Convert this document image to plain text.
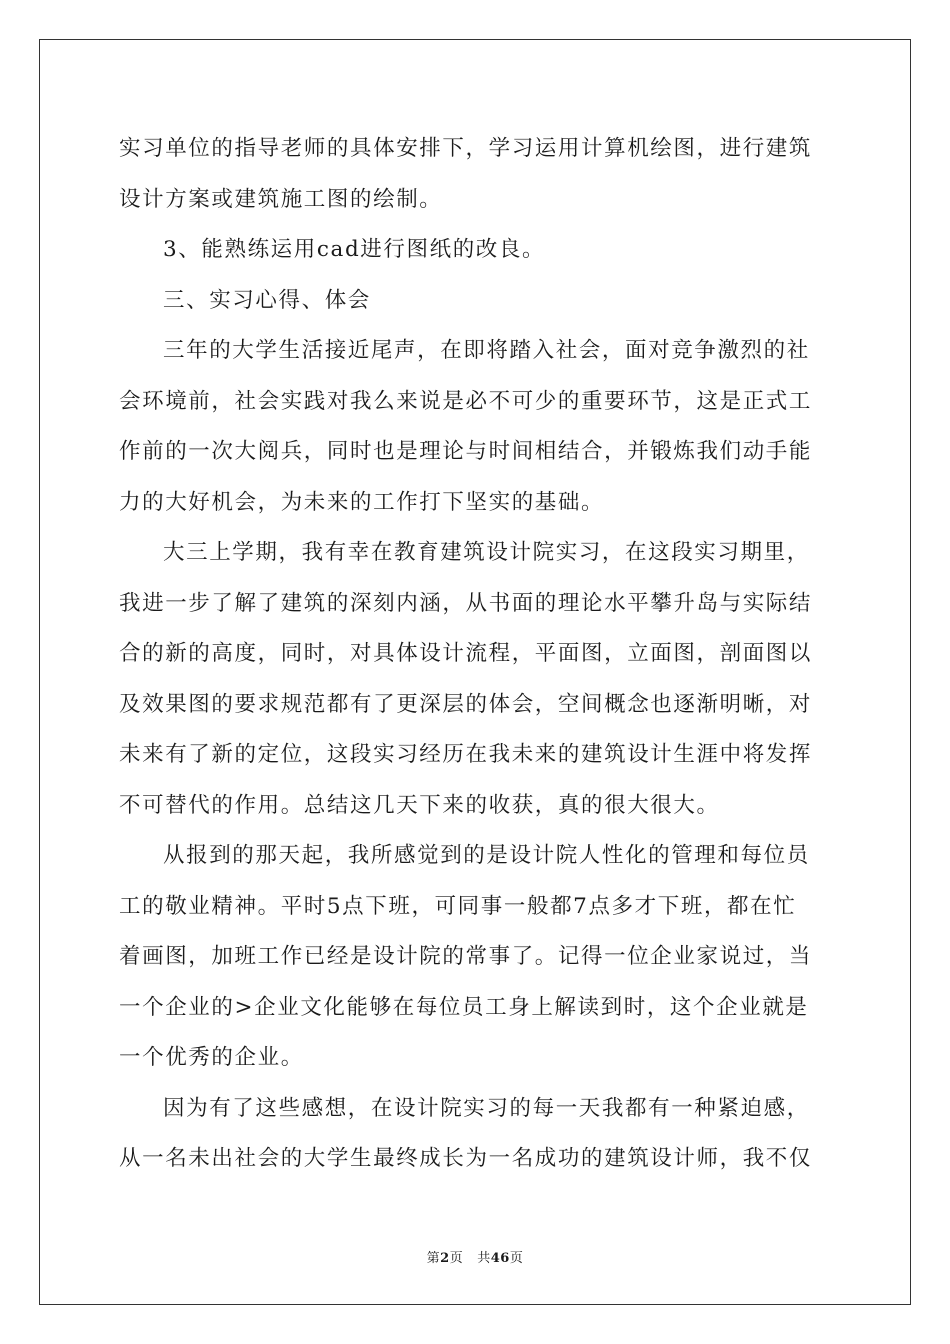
实习单位的指导老师的具体安排下，学习运用计算机绘图，进行建筑
设计方案或建筑施工图的绘制。
3、能熟练运用cad进行图纸的改良。
三、实习心得、体会
三年的大学生活接近尾声，在即将踏入社会，面对竞争激烈的社
会环境前，社会实践对我么来说是必不可少的重要环节，这是正式工
作前的一次大阅兵，同时也是理论与时间相结合，并锻炼我们动手能
力的大好机会，为未来的工作打下坚实的基础。
大三上学期，我有幸在教育建筑设计院实习，在这段实习期里，
我进一步了解了建筑的深刻内涵，从书面的理论水平攀升岛与实际结
合的新的高度，同时，对具体设计流程，平面图，立面图，剖面图以
及效果图的要求规范都有了更深层的体会，空间概念也逐渐明晰，对
未来有了新的定位，这段实习经历在我未来的建筑设计生涯中将发挥
不可替代的作用。总结这几天下来的收获，真的很大很大。
从报到的那天起，我所感觉到的是设计院人性化的管理和每位员
工的敬业精神。平时5点下班，可同事一般都7点多才下班，都在忙
着画图，加班工作已经是设计院的常事了。记得一位企业家说过，当
一个企业的>企业文化能够在每位员工身上解读到时，这个企业就是
一个优秀的企业。
因为有了这些感想，在设计院实习的每一天我都有一种紧迫感，
从一名未出社会的大学生最终成长为一名成功的建筑设计师，我不仅
第2页 共46页
